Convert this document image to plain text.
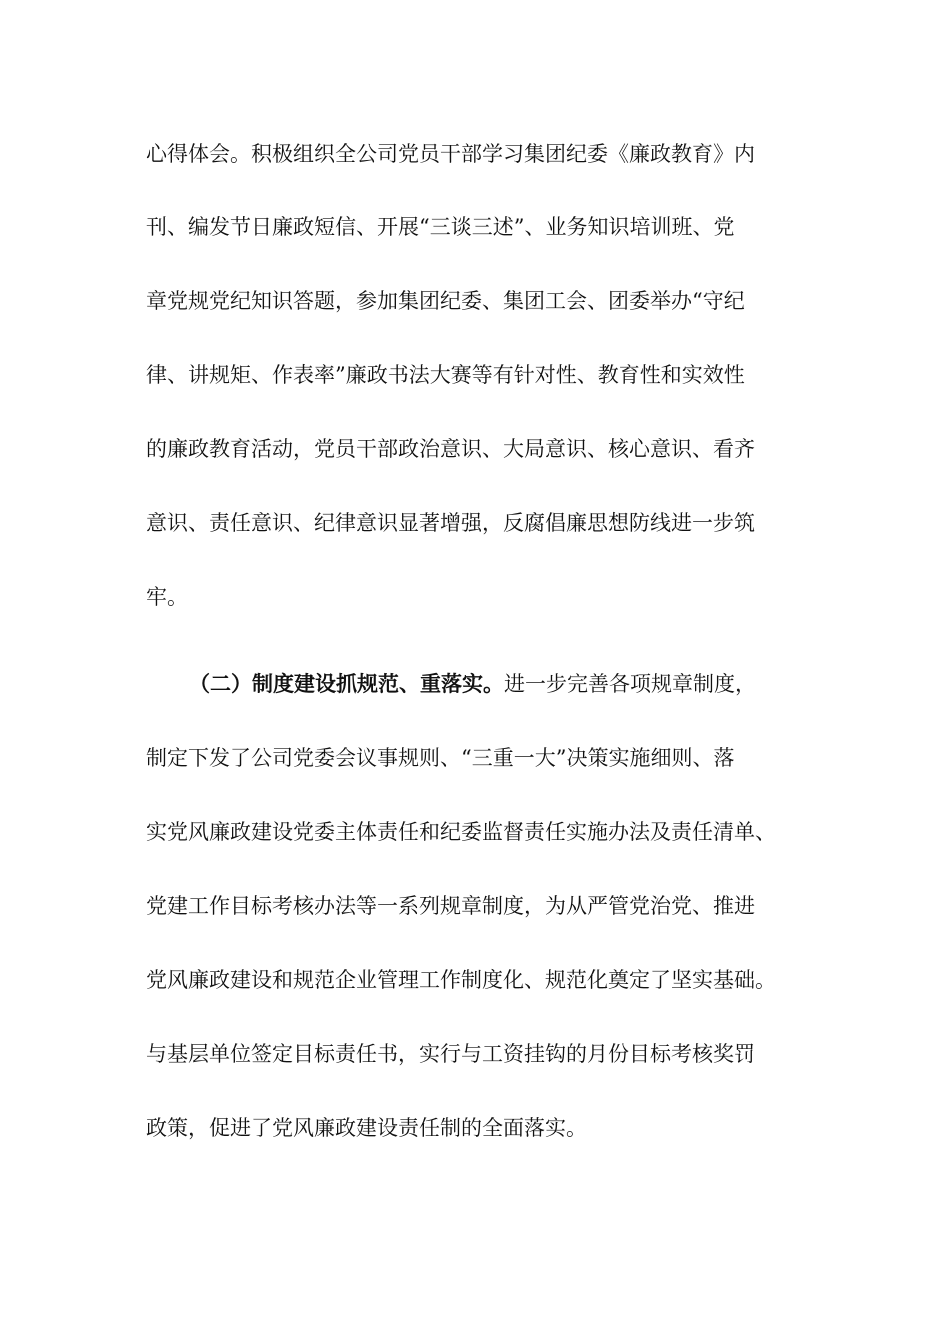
心得体会。积极组织全公司党员干部学习集团纪委《廉政教育》内
刊、编发节日廉政短信、开展“三谈三述”、业务知识培训班、党
章党规党纪知识答题，参加集团纪委、集团工会、团委举办“守纪
律、讲规矩、作表率”廉政书法大赛等有针对性、教育性和实效性
的廉政教育活动，党员干部政治意识、大局意识、核心意识、看齐
意识、责任意识、纪律意识显著增强，反腐倡廉思想防线进一步筑
牢。
（二）制度建设抓规范、重落实。进一步完善各项规章制度，
制定下发了公司党委会议事规则、“三重一大”决策实施细则、落
实党风廉政建设党委主体责任和纪委监督责任实施办法及责任清单、
党建工作目标考核办法等一系列规章制度，为从严管党治党、推进
党风廉政建设和规范企业管理工作制度化、规范化奠定了坚实基础。
与基层单位签定目标责任书，实行与工资挂钩的月份目标考核奖罚
政策，促进了党风廉政建设责任制的全面落实。
